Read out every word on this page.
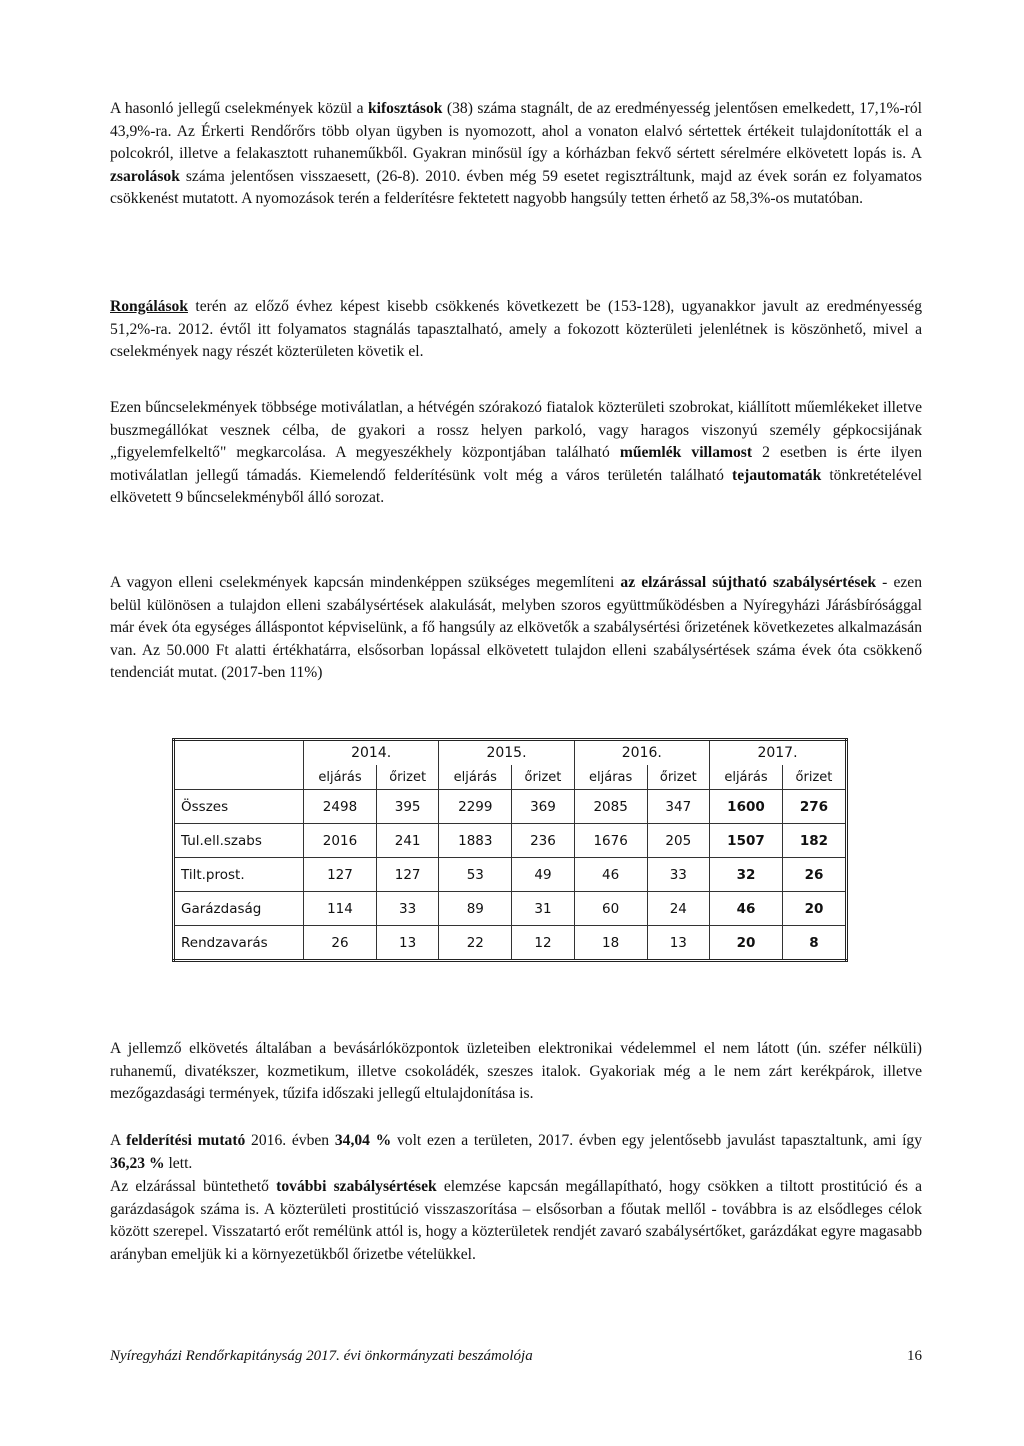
A hasonló jellegű cselekmények közül a kifosztások (38) száma stagnált, de az eredményesség jelentősen emelkedett, 17,1%-ról 43,9%-ra. Az Érkerti Rendőrőrs több olyan ügyben is nyomozott, ahol a vonaton elalvó sértettek értékeit tulajdonították el a polcokról, illetve a felakasztott ruhaneműkből. Gyakran minősül így a kórházban fekvő sértett sérelmére elkövetett lopás is. A zsarolások száma jelentősen visszaesett, (26-8). 2010. évben még 59 esetet regisztráltunk, majd az évek során ez folyamatos csökkenést mutatott. A nyomozások terén a felderítésre fektetett nagyobb hangsúly tetten érhető az 58,3%-os mutatóban.

Rongálások terén az előző évhez képest kisebb csökkenés következett be (153-128), ugyanakkor javult az eredményesség 51,2%-ra. 2012. évtől itt folyamatos stagnálás tapasztalható, amely a fokozott közterületi jelenlétnek is köszönhető, mivel a cselekmények nagy részét közterületen követik el.

Ezen bűncselekmények többsége motiválatlan, a hétvégén szórakozó fiatalok közterületi szobrokat, kiállított műemlékeket illetve buszmegállókat vesznek célba, de gyakori a rossz helyen parkoló, vagy haragos viszonyú személy gépkocsijának „figyelemfelkeltő" megkarcolása. A megyeszékhely központjában található műemlék villamost 2 esetben is érte ilyen motiválatlan jellegű támadás. Kiemelendő felderítésünk volt még a város területén található tejautomaták tönkretételével elkövetett 9 bűncselekményből álló sorozat.

A vagyon elleni cselekmények kapcsán mindenképpen szükséges megemlíteni az elzárással sújtható szabálysértések - ezen belül különösen a tulajdon elleni szabálysértések alakulását, melyben szoros együttműködésben a Nyíregyházi Járásbírósággal már évek óta egységes álláspontot képviselünk, a fő hangsúly az elkövetők a szabálysértési őrizetének következetes alkalmazásán van. Az 50.000 Ft alatti értékhatárra, elsősorban lopással elkövetett tulajdon elleni szabálysértések száma évek óta csökkenő tendenciát mutat. (2017-ben 11%)

	2014.		2015.		2016.		2017.	
	eljárás	őrizet	eljárás	őrizet	eljáras	őrizet	eljárás	őrizet
Összes	2498	395	2299	369	2085	347	1600	276
Tul.ell.szabs	2016	241	1883	236	1676	205	1507	182
Tilt.prost.	127	127	53	49	46	33	32	26
Garázdaság	114	33	89	31	60	24	46	20
Rendzavarás	26	13	22	12	18	13	20	8

A jellemző elkövetés általában a bevásárlóközpontok üzleteiben elektronikai védelemmel el nem látott (ún. széfer nélküli) ruhanemű, divatékszer, kozmetikum, illetve csokoládék, szeszes italok. Gyakoriak még a le nem zárt kerékpárok, illetve mezőgazdasági termények, tűzifa időszaki jellegű eltulajdonítása is.

A felderítési mutató 2016. évben 34,04 % volt ezen a területen, 2017. évben egy jelentősebb javulást tapasztaltunk, ami így 36,23 % lett.

Az elzárással büntethető további szabálysértések elemzése kapcsán megállapítható, hogy csökken a tiltott prostitúció és a garázdaságok száma is. A közterületi prostitúció visszaszorítása – elsősorban a főutak mellől - továbbra is az elsődleges célok között szerepel. Visszatartó erőt remélünk attól is, hogy a közterületek rendjét zavaró szabálysértőket, garázdákat egyre magasabb arányban emeljük ki a környezetükből őrizetbe vételükkel.

Nyíregyházi Rendőrkapitányság 2017. évi önkormányzati beszámolója	16
